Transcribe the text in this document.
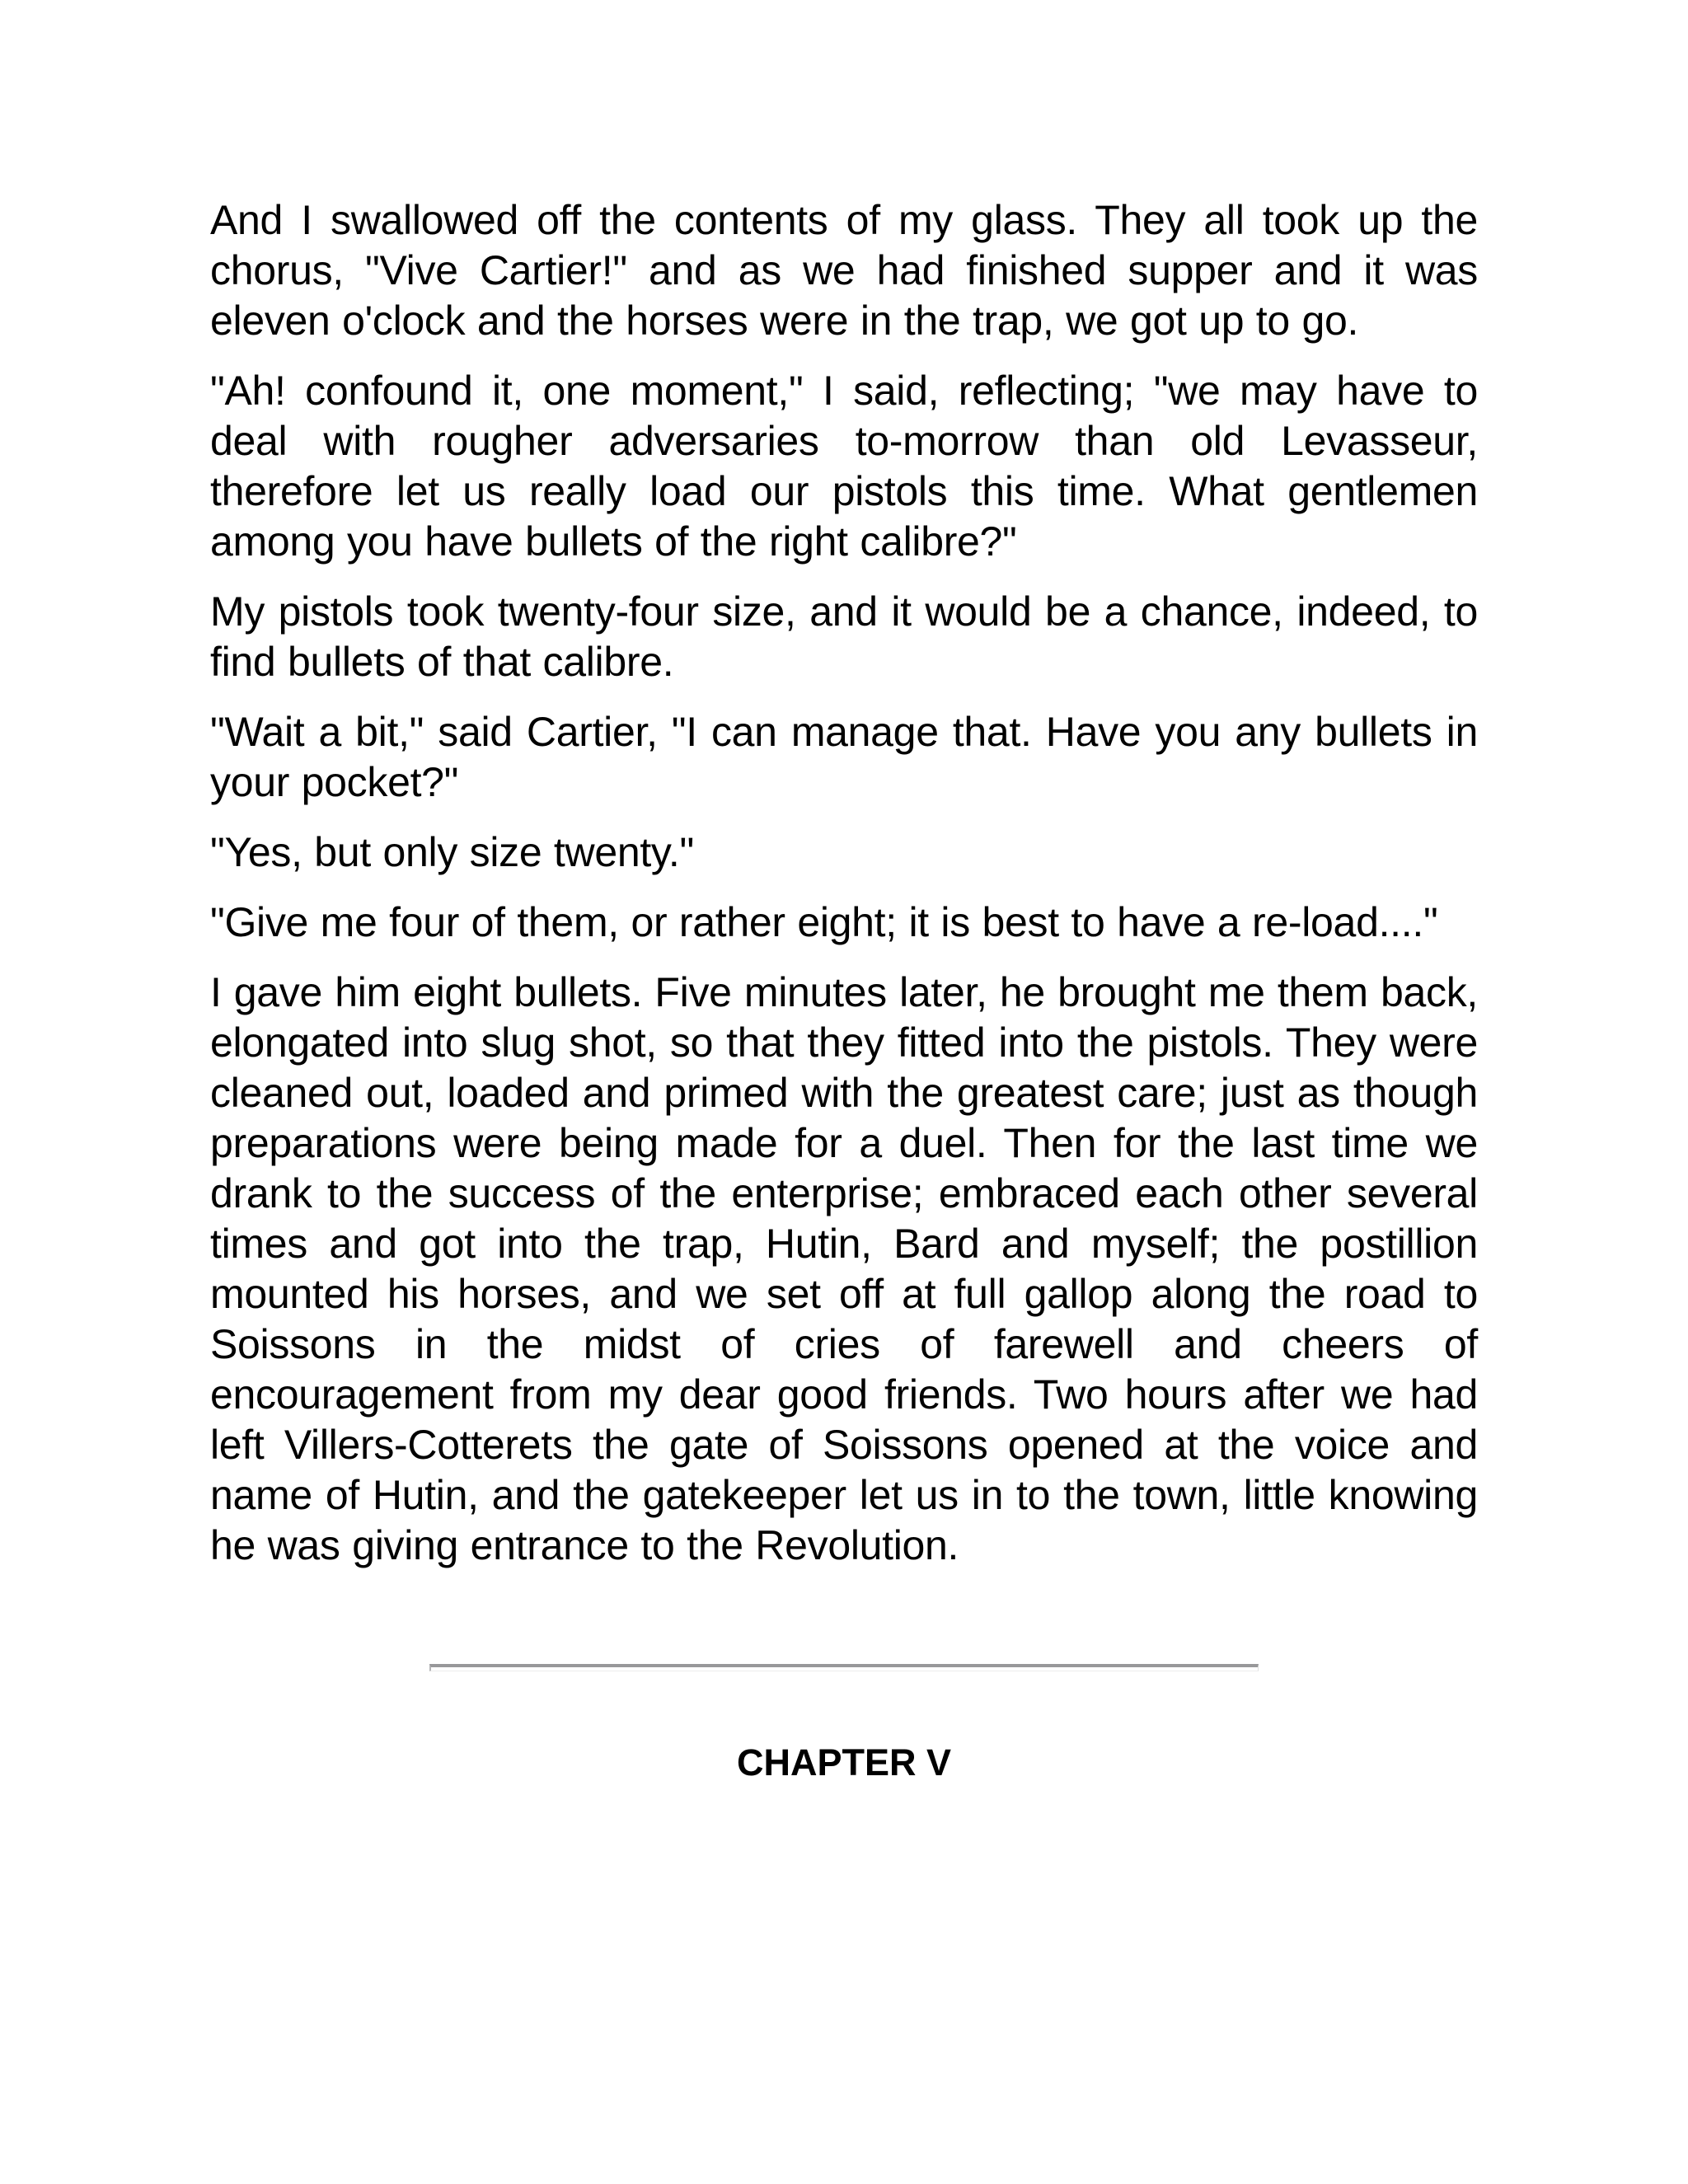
And I swallowed off the contents of my glass. They all took up the chorus, "Vive Cartier!" and as we had finished supper and it was eleven o'clock and the horses were in the trap, we got up to go.

"Ah! confound it, one moment," I said, reflecting; "we may have to deal with rougher adversaries to-morrow than old Levasseur, therefore let us really load our pistols this time. What gentlemen among you have bullets of the right calibre?"

My pistols took twenty-four size, and it would be a chance, indeed, to find bullets of that calibre.

"Wait a bit," said Cartier, "I can manage that. Have you any bullets in your pocket?"

"Yes, but only size twenty."

"Give me four of them, or rather eight; it is best to have a re-load...."

I gave him eight bullets. Five minutes later, he brought me them back, elongated into slug shot, so that they fitted into the pistols. They were cleaned out, loaded and primed with the greatest care; just as though preparations were being made for a duel. Then for the last time we drank to the success of the enterprise; embraced each other several times and got into the trap, Hutin, Bard and myself; the postillion mounted his horses, and we set off at full gallop along the road to Soissons in the midst of cries of farewell and cheers of encouragement from my dear good friends. Two hours after we had left Villers-Cotterets the gate of Soissons opened at the voice and name of Hutin, and the gatekeeper let us in to the town, little knowing he was giving entrance to the Revolution.

CHAPTER V
